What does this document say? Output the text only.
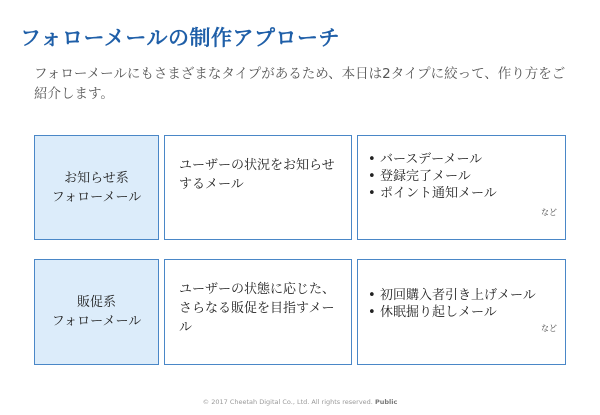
フォローメールの制作アプローチ
フォローメールにもさまざまなタイプがあるため、本日は2タイプに絞って、作り方をご紹介します。
お知らせ系
フォローメール
ユーザーの状況をお知らせするメール
• バースデーメール
• 登録完了メール
• ポイント通知メール
など
販促系
フォローメール
ユーザーの状態に応じた、さらなる販促を目指すメール
• 初回購入者引き上げメール
• 休眠掘り起しメール
など
© 2017 Cheetah Digital Co., Ltd. All rights reserved. Public
